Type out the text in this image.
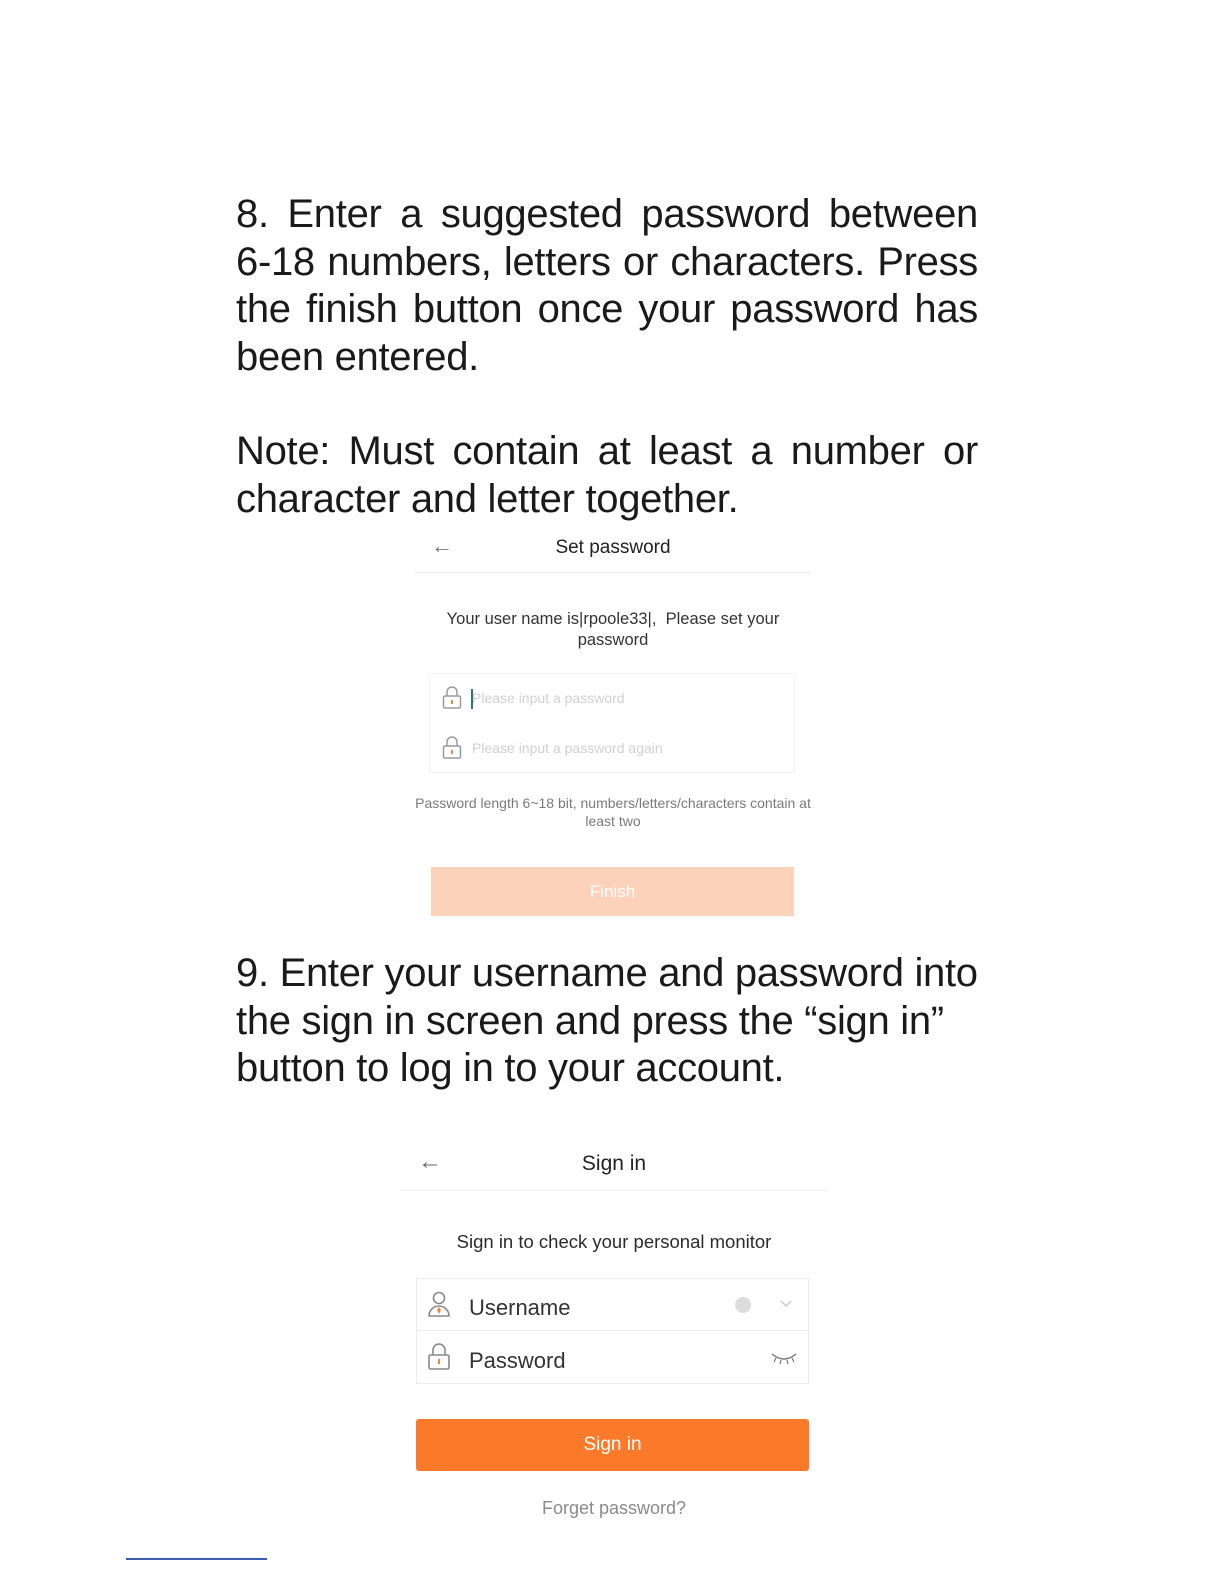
8. Enter a suggested password between 6-18 numbers, letters or characters. Press the finish button once your password has been entered.
Note: Must contain at least a number or character and letter together.
←	Set password
Your user name is|rpoole33|,  Please set your password
Password length 6~18 bit, numbers/letters/characters contain at least two
Finish
9. Enter your username and password into the sign in screen and press the “sign in” button to log in to your account.
←	Sign in
Sign in to check your personal monitor
Username
Sign in
Forget password?
